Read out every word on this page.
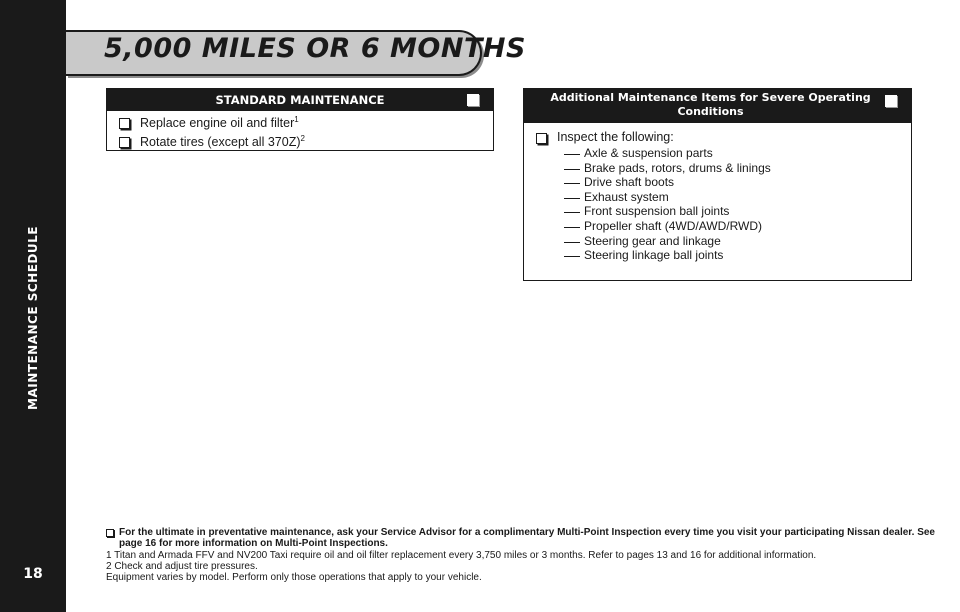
MAINTENANCE SCHEDULE
18
5,000 MILES OR 6 MONTHS
STANDARD MAINTENANCE
Replace engine oil and filter$^1$
Rotate tires (except all 370Z)$^2$
Additional Maintenance Items for Severe Operating Conditions
Inspect the following:
Axle & suspension parts
Brake pads, rotors, drums & linings
Drive shaft boots
Exhaust system
Front suspension ball joints
Propeller shaft (4WD/AWD/RWD)
Steering gear and linkage
Steering linkage ball joints
For the ultimate in preventative maintenance, ask your Service Advisor for a complimentary Multi-Point Inspection every time you visit your participating Nissan dealer. See page 16 for more information on Multi-Point Inspections.
1 Titan and Armada FFV and NV200 Taxi require oil and oil filter replacement every 3,750 miles or 3 months. Refer to pages 13 and 16 for additional information.
2 Check and adjust tire pressures.
Equipment varies by model. Perform only those operations that apply to your vehicle.
